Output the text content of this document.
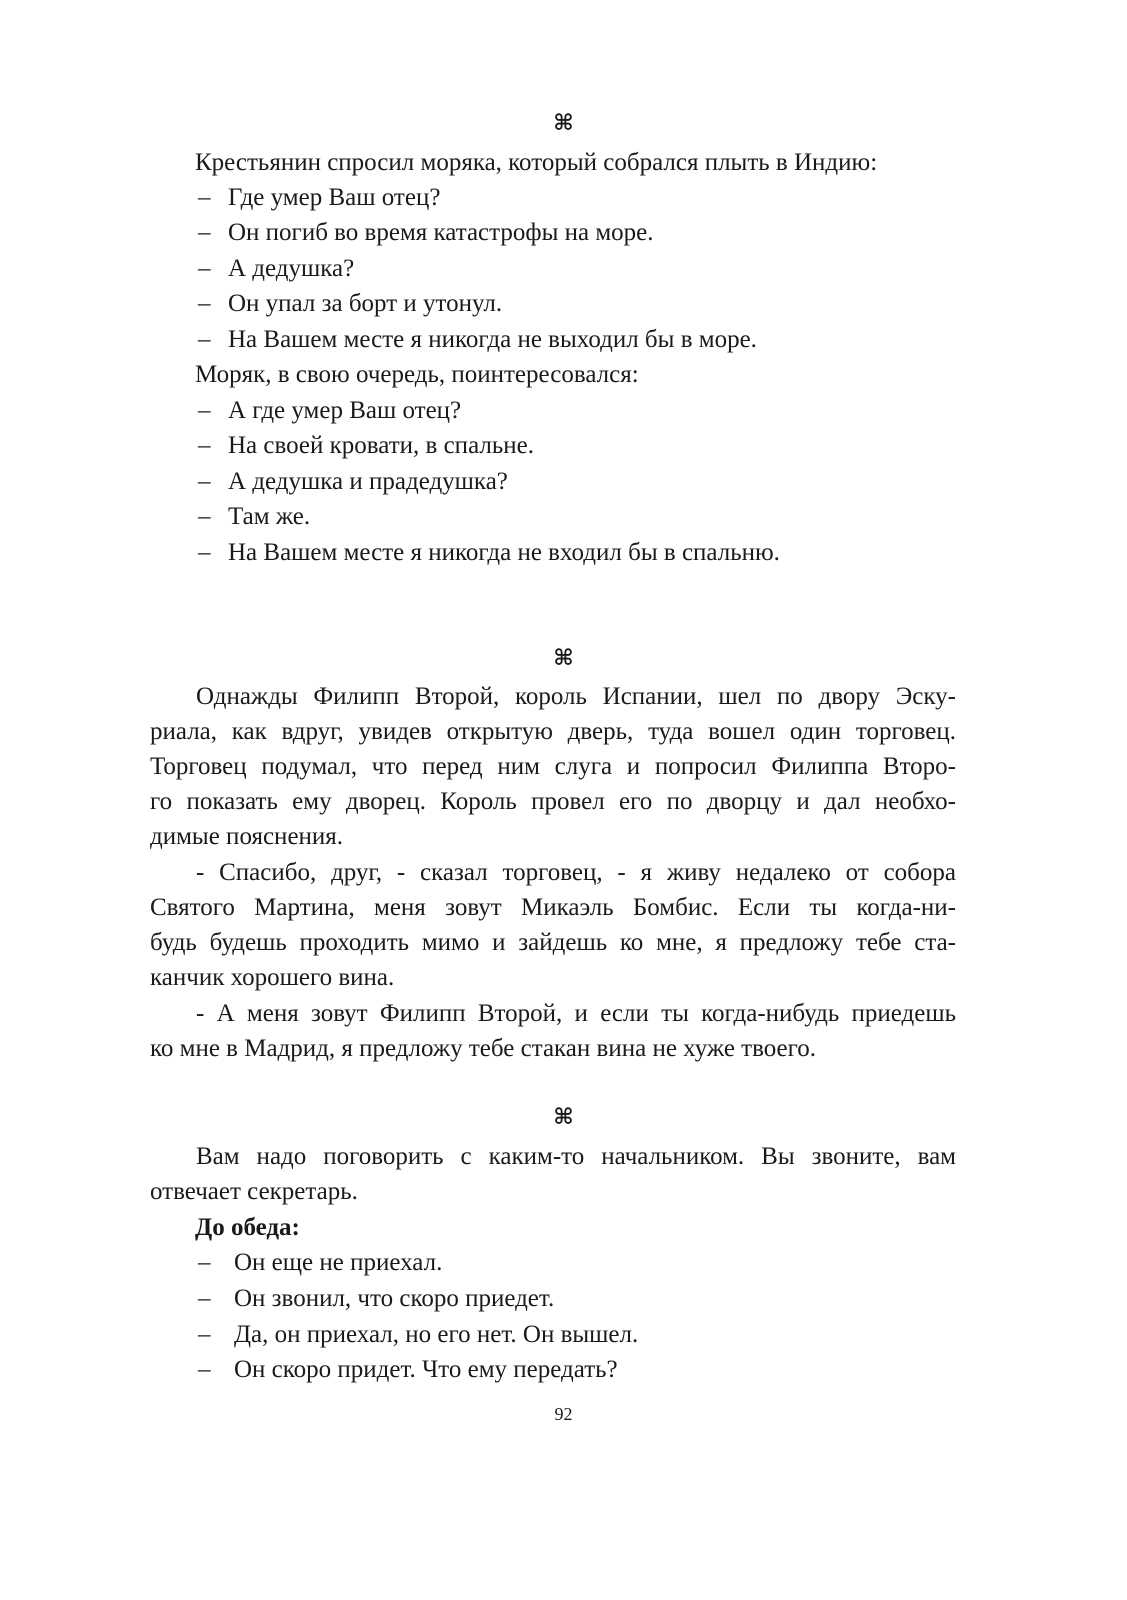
⌘
Крестьянин спросил моряка, который собрался плыть в Индию:
– Где умер Ваш отец?
– Он погиб во время катастрофы на море.
– А дедушка?
– Он упал за борт и утонул.
– На Вашем месте я никогда не выходил бы в море.
Моряк, в свою очередь, поинтересовался:
– А где умер Ваш отец?
– На своей кровати, в спальне.
– А дедушка и прадедушка?
– Там же.
– На Вашем месте я никогда не входил бы в спальню.
⌘
Однажды Филипп Второй, король Испании, шел по двору Эску-
риала, как вдруг, увидев открытую дверь, туда вошел один торговец.
Торговец подумал, что перед ним слуга и попросил Филиппа Второ-
го показать ему дворец. Король провел его по дворцу и дал необхо-
димые пояснения.
- Спасибо, друг, - сказал торговец, - я живу недалеко от собора
Святого Мартина, меня зовут Микаэль Бомбис. Если ты когда-ни-
будь будешь проходить мимо и зайдешь ко мне, я предложу тебе ста-
канчик хорошего вина.
- А меня зовут Филипп Второй, и если ты когда-нибудь приедешь
ко мне в Мадрид, я предложу тебе стакан вина не хуже твоего.
⌘
Вам надо поговорить с каким-то начальником. Вы звоните, вам
отвечает секретарь.
До обеда:
– Он еще не приехал.
– Он звонил, что скоро приедет.
– Да, он приехал, но его нет. Он вышел.
– Он скоро придет. Что ему передать?
92
